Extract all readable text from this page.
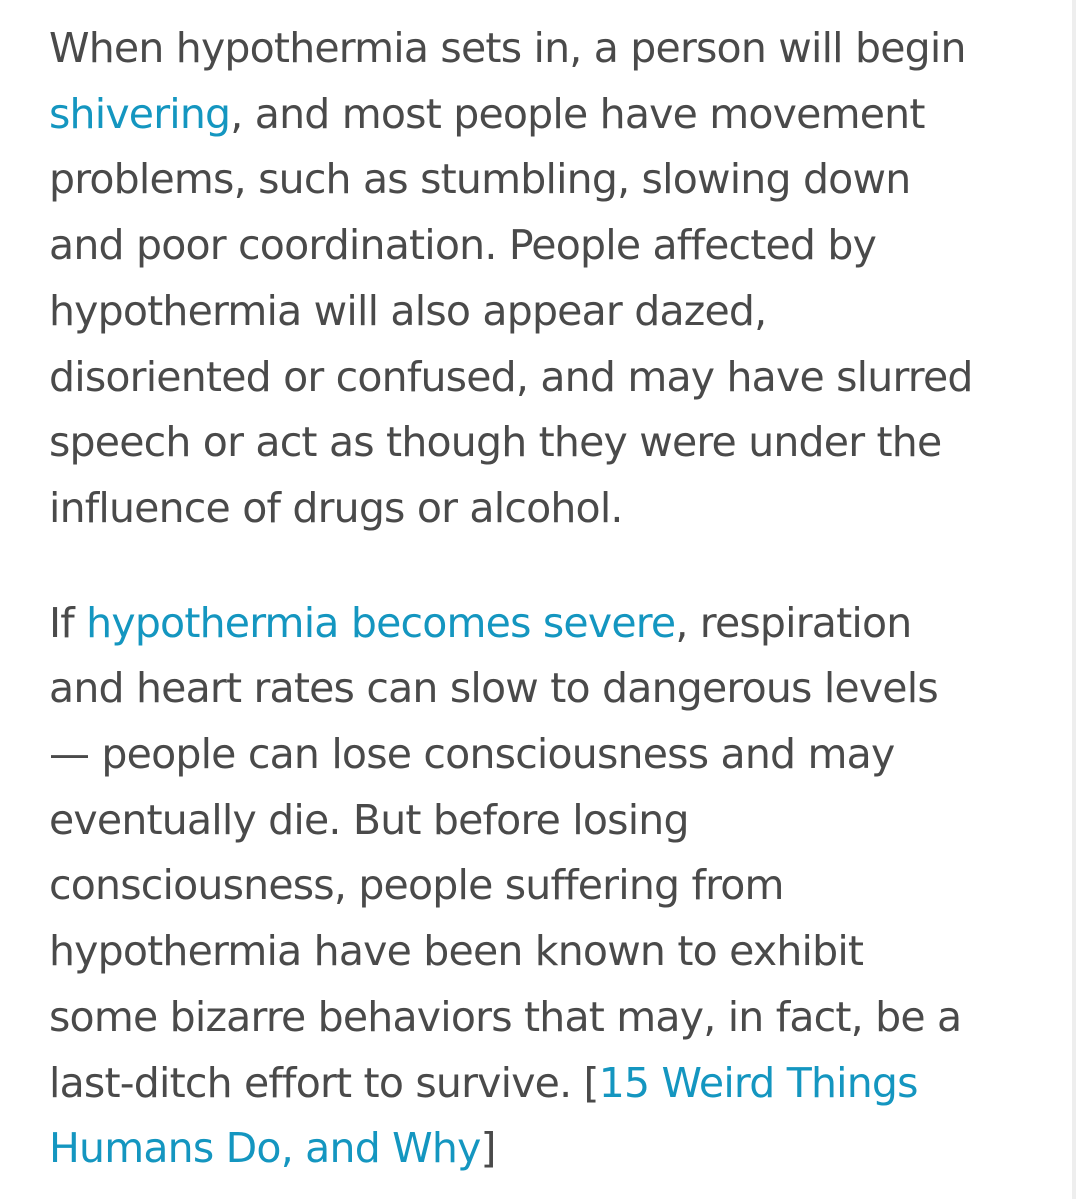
When hypothermia sets in, a person will begin
shivering, and most people have movement
problems, such as stumbling, slowing down
and poor coordination. People affected by
hypothermia will also appear dazed,
disoriented or confused, and may have slurred
speech or act as though they were under the
influence of drugs or alcohol.

If hypothermia becomes severe, respiration
and heart rates can slow to dangerous levels
— people can lose consciousness and may
eventually die. But before losing
consciousness, people suffering from
hypothermia have been known to exhibit
some bizarre behaviors that may, in fact, be a
last-ditch effort to survive. [15 Weird Things
Humans Do, and Why]
